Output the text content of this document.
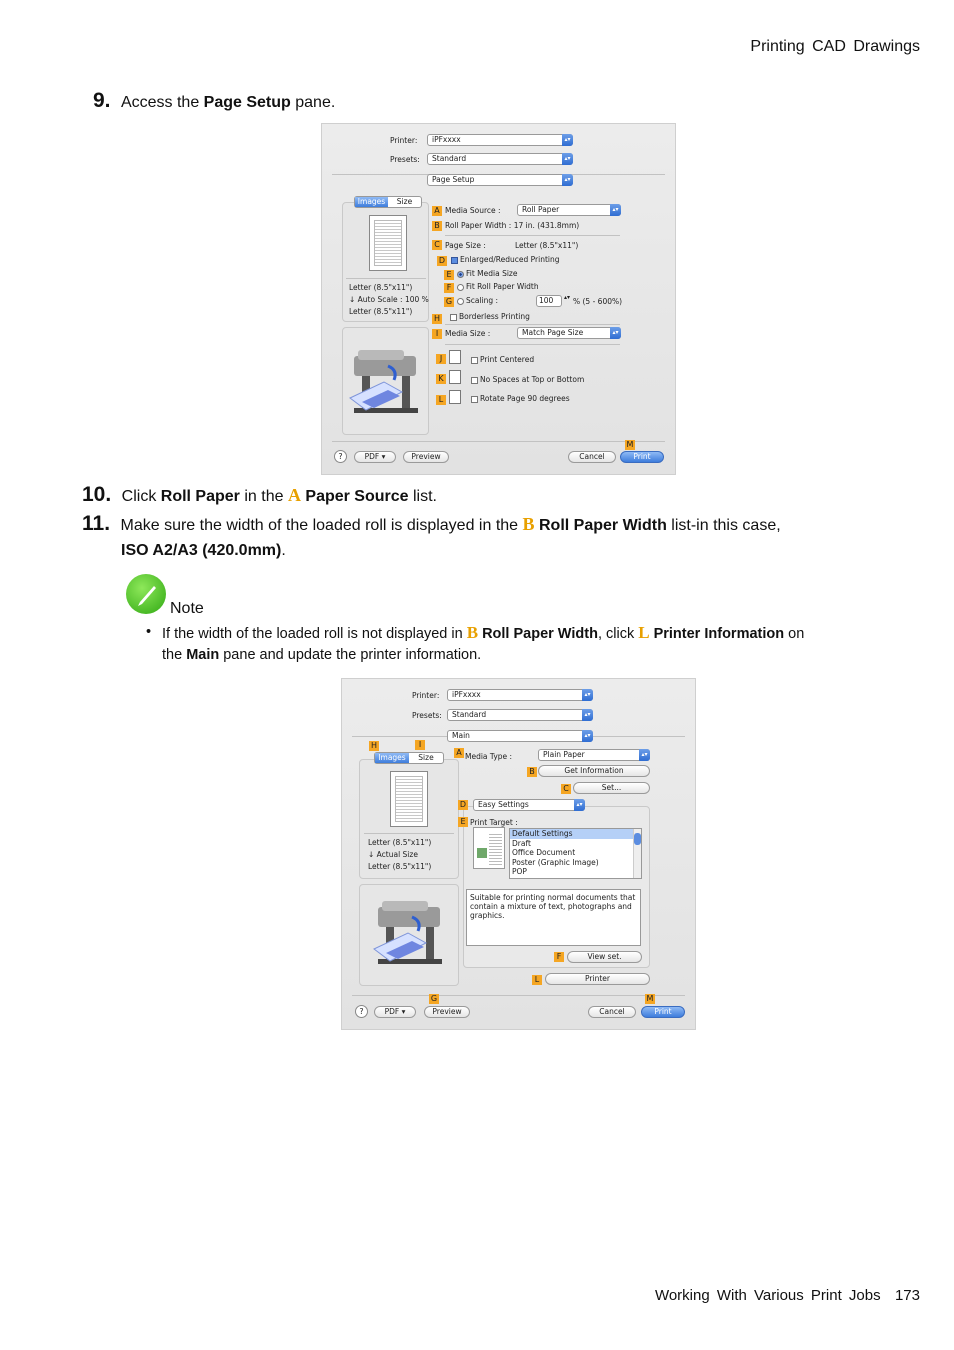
Printing CAD Drawings
9. Access the Page Setup pane.
Printer:	iPFxxxx	▴▾
Presets:	Standard	▴▾
Page Setup	▴▾
Images	Size
Letter (8.5"x11")
↓ Auto Scale : 100 %
Letter (8.5"x11")
A Media Source :	Roll Paper	▴▾
B Roll Paper Width : 17 in. (431.8mm)
C Page Size :	Letter (8.5"x11")
D	Enlarged/Reduced Printing
E	Fit Media Size
F	Fit Roll Paper Width
G	Scaling :	100	▴▾ % (5 - 600%)
H	Borderless Printing
I Media Size :	Match Page Size	▴▾
J	Print Centered
K	No Spaces at Top or Bottom
L	Rotate Page 90 degrees
M
?	PDF ▾	Preview	Cancel	Print
10. Click Roll Paper in the A Paper Source list.
11. Make sure the width of the loaded roll is displayed in the B Roll Paper Width list-in this case,
ISO A2/A3 (420.0mm).
Note
• If the width of the loaded roll is not displayed in B Roll Paper Width, click L Printer Information on
the Main pane and update the printer information.
Printer:	iPFxxxx	▴▾
Presets:	Standard	▴▾
Main	▴▾
H	I
Images	Size
Letter (8.5"x11")
↓ Actual Size
Letter (8.5"x11")
A Media Type :	Plain Paper	▴▾
B	Get Information
C	Set...
D	Easy Settings	▴▾
E Print Target :
Default Settings
Draft
Office Document
Poster (Graphic Image)
POP
Suitable for printing normal documents that contain a mixture of text, photographs and graphics.
F	View set.
L	Printer
G	M
?	PDF ▾	Preview	Cancel	Print
Working With Various Print Jobs 173
